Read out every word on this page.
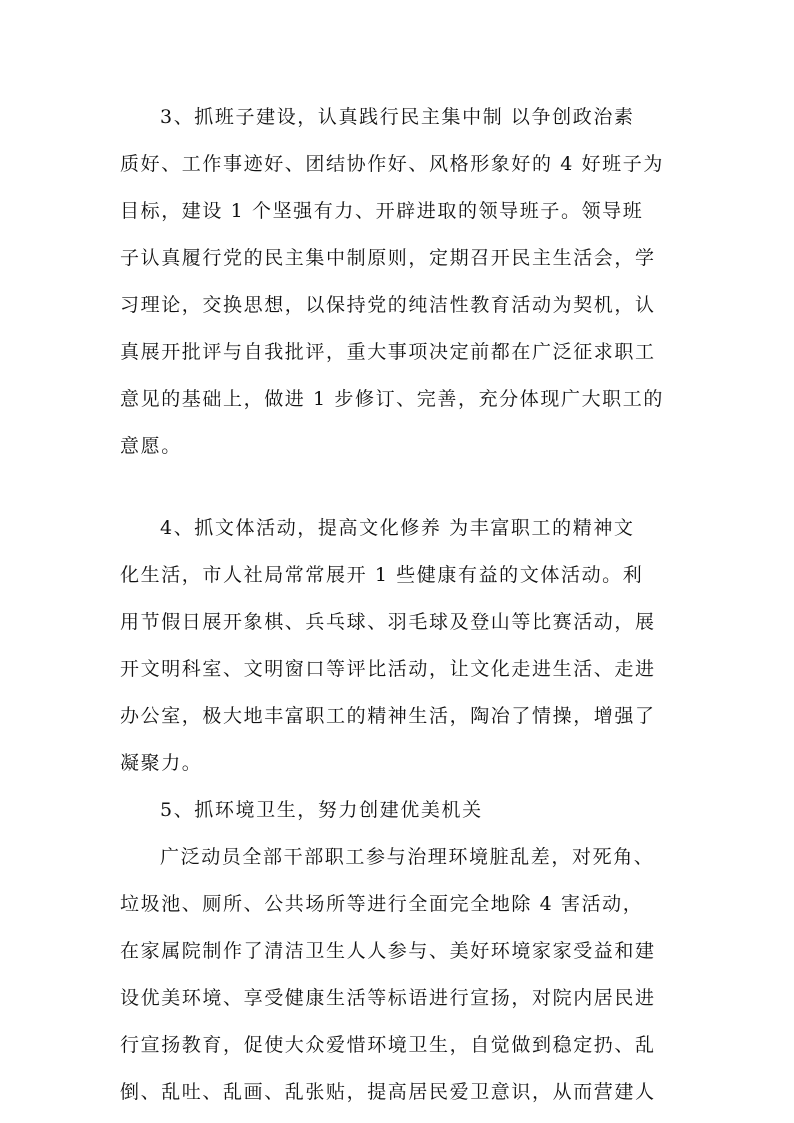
3、抓班子建设，认真践行民主集中制 以争创政治素
质好、工作事迹好、团结协作好、风格形象好的 4 好班子为
目标，建设 1 个坚强有力、开辟进取的领导班子。领导班
子认真履行党的民主集中制原则，定期召开民主生活会，学
习理论，交换思想，以保持党的纯洁性教育活动为契机，认
真展开批评与自我批评，重大事项决定前都在广泛征求职工
意见的基础上，做进 1 步修订、完善，充分体现广大职工的
意愿。
4、抓文体活动，提高文化修养 为丰富职工的精神文
化生活，市人社局常常展开 1 些健康有益的文体活动。利
用节假日展开象棋、兵乓球、羽毛球及登山等比赛活动，展
开文明科室、文明窗口等评比活动，让文化走进生活、走进
办公室，极大地丰富职工的精神生活，陶冶了情操，增强了
凝聚力。
5、抓环境卫生，努力创建优美机关
广泛动员全部干部职工参与治理环境脏乱差，对死角、
垃圾池、厕所、公共场所等进行全面完全地除 4 害活动，
在家属院制作了清洁卫生人人参与、美好环境家家受益和建
设优美环境、享受健康生活等标语进行宣扬，对院内居民进
行宣扬教育，促使大众爱惜环境卫生，自觉做到稳定扔、乱
倒、乱吐、乱画、乱张贴，提高居民爱卫意识，从而营建人
